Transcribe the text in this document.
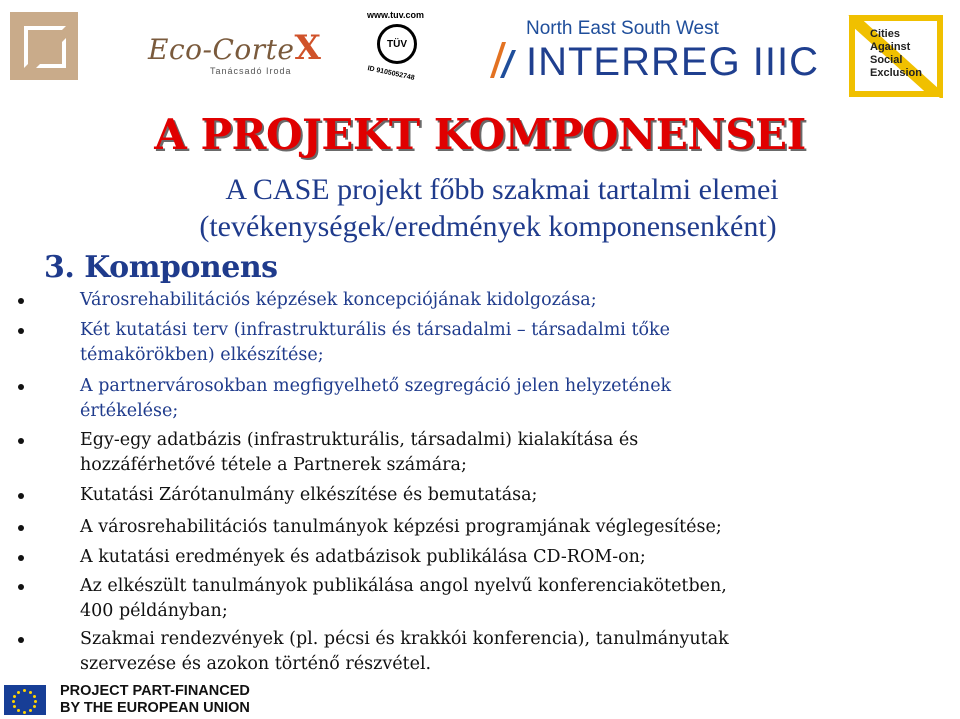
Eco-CorteX
Tanácsadó Iroda
www.tuv.com
TÜV
ID 9105052748
North East South West
INTERREG IIIC
Cities
Against
Social
Exclusion
A PROJEKT KOMPONENSEI
A CASE projekt főbb szakmai tartalmi elemei
(tevékenységek/eredmények komponensenként)
3. Komponens
Városrehabilitációs képzések koncepciójának kidolgozása;
Két kutatási terv (infrastrukturális és társadalmi – társadalmi tőke
témakörökben) elkészítése;
A partnervárosokban megfigyelhető szegregáció jelen helyzetének
értékelése;
Egy-egy adatbázis (infrastrukturális, társadalmi) kialakítása és
hozzáférhetővé tétele a Partnerek számára;
Kutatási Zárótanulmány elkészítése és bemutatása;
A városrehabilitációs tanulmányok képzési programjának véglegesítése;
A kutatási eredmények és adatbázisok publikálása CD-ROM-on;
Az elkészült tanulmányok publikálása angol nyelvű konferenciakötetben,
400 példányban;
Szakmai rendezvények (pl. pécsi és krakkói konferencia), tanulmányutak
szervezése és azokon történő részvétel.
PROJECT PART-FINANCED
BY THE EUROPEAN UNION
